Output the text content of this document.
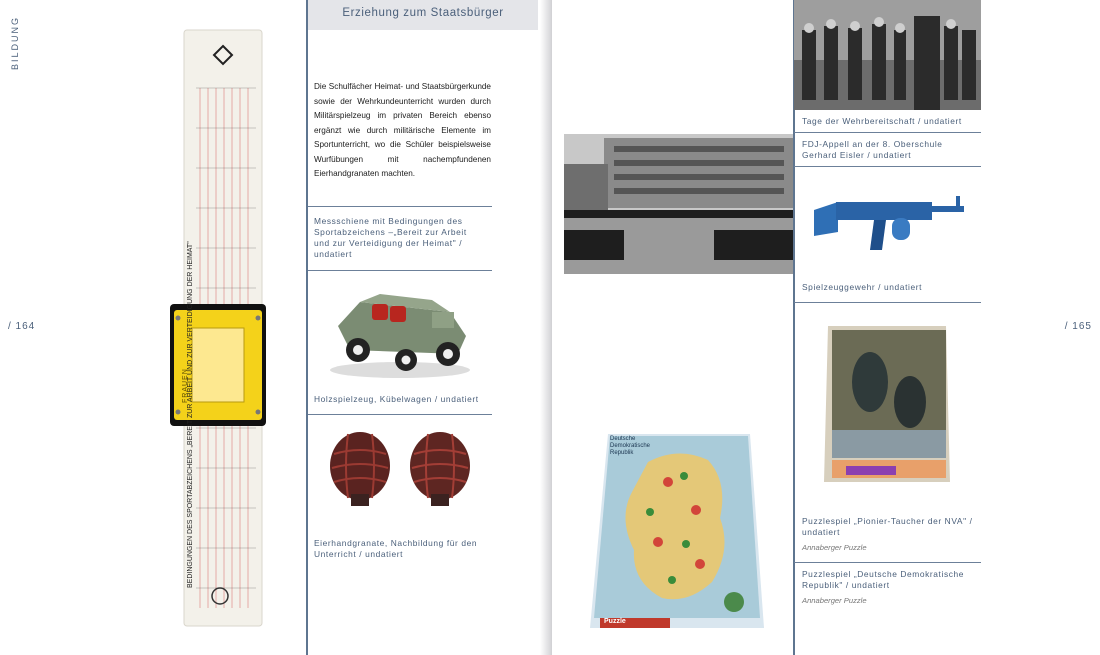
BILDUNG
/ 164
FRAUEN
Erziehung zum Staatsbürger
Die Schulfächer Heimat- und Staatsbürgerkunde sowie der Wehrkundeunterricht wurden durch Militärspielzeug im privaten Bereich ebenso ergänzt wie durch militärische Elemente im Sportunterricht, wo die Schüler beispielsweise Wurfübungen mit nachempfundenen Eierhandgranaten machten.
Messschiene mit Bedingungen des Sportabzeichens –„Bereit zur Arbeit und zur Verteidigung der Heimat" / undatiert
Holzspielzeug, Kübelwagen / undatiert
Eierhandgranate, Nachbildung für den Unterricht / undatiert
/ 165
Tage der Wehrbereitschaft / undatiert
FDJ-Appell an der 8. Oberschule Gerhard Eisler / undatiert
Spielzeuggewehr / undatiert
Puzzlespiel „Pionier-Taucher der NVA" / undatiert
Annaberger Puzzle
Puzzlespiel „Deutsche Demokratische Republik" / undatiert
Annaberger Puzzle
Deutsche Demokratische Republik
Puzzle
